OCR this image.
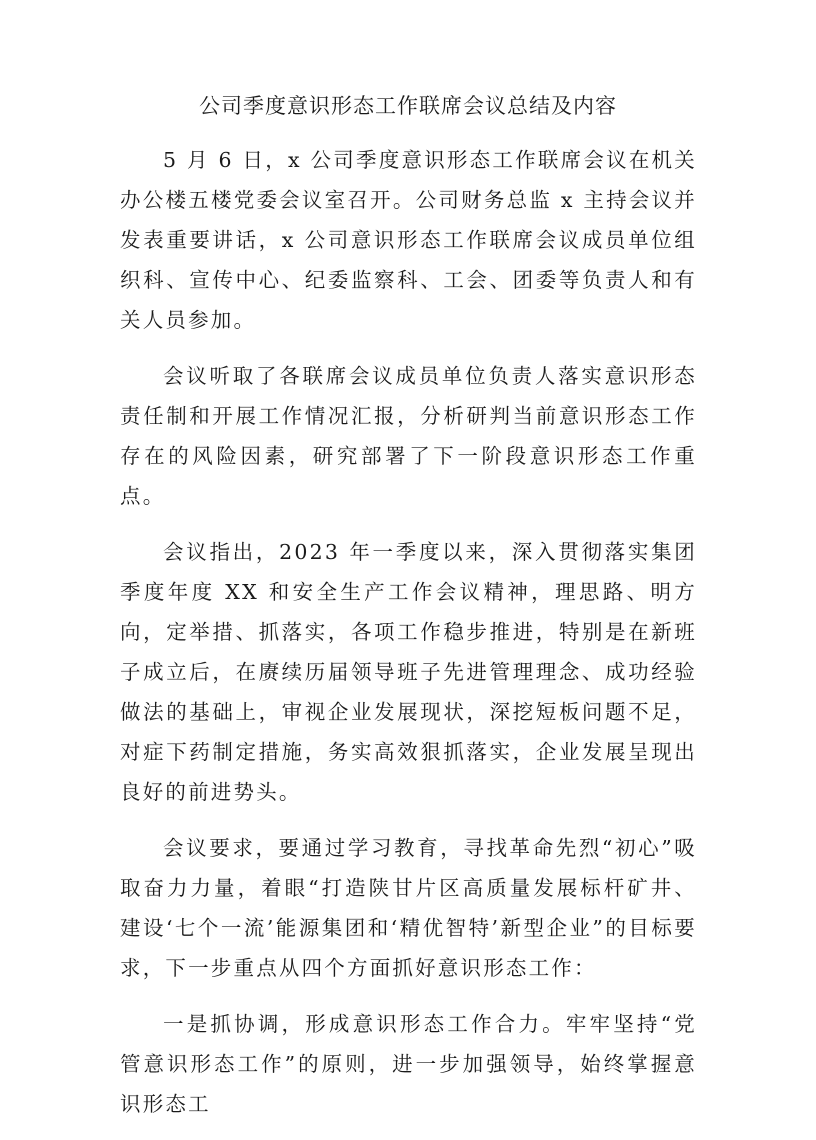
公司季度意识形态工作联席会议总结及内容

5 月 6 日，x 公司季度意识形态工作联席会议在机关办公楼五楼党委会议室召开。公司财务总监 x 主持会议并发表重要讲话，x 公司意识形态工作联席会议成员单位组织科、宣传中心、纪委监察科、工会、团委等负责人和有关人员参加。

会议听取了各联席会议成员单位负责人落实意识形态责任制和开展工作情况汇报，分析研判当前意识形态工作存在的风险因素，研究部署了下一阶段意识形态工作重点。

会议指出，2023 年一季度以来，深入贯彻落实集团季度年度 XX 和安全生产工作会议精神，理思路、明方向，定举措、抓落实，各项工作稳步推进，特别是在新班子成立后，在赓续历届领导班子先进管理理念、成功经验做法的基础上，审视企业发展现状，深挖短板问题不足，对症下药制定措施，务实高效狠抓落实，企业发展呈现出良好的前进势头。

会议要求，要通过学习教育，寻找革命先烈“初心”吸取奋力力量，着眼“打造陕甘片区高质量发展标杆矿井、建设‘七个一流’能源集团和‘精优智特’新型企业”的目标要求，下一步重点从四个方面抓好意识形态工作：

一是抓协调，形成意识形态工作合力。牢牢坚持“党管意识形态工作”的原则，进一步加强领导，始终掌握意识形态工
